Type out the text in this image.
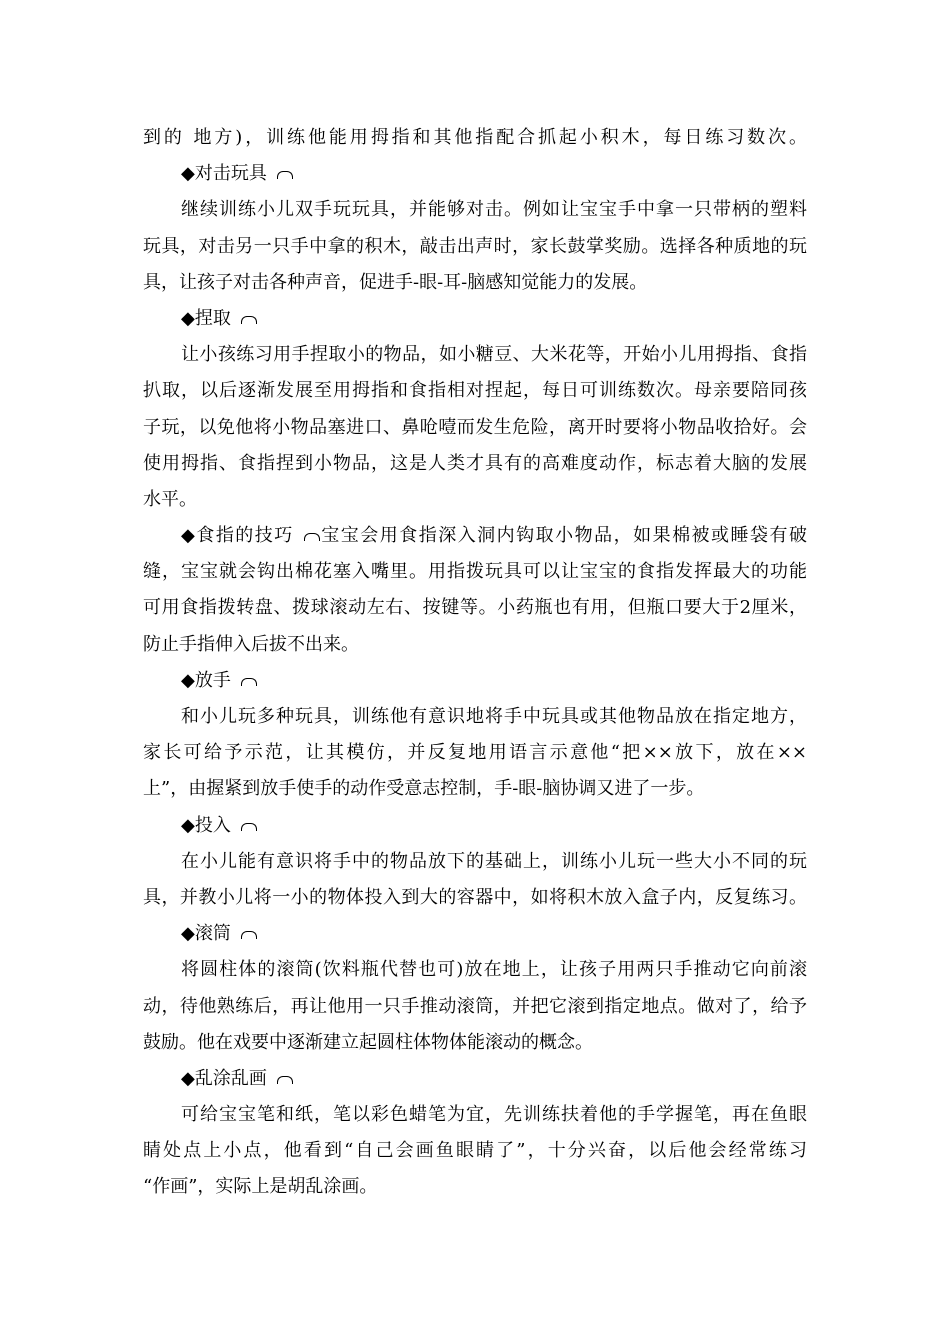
到的 地方)，训练他能用拇指和其他指配合抓起小积木，每日练习数次。

◆对击玩具

继续训练小儿双手玩玩具，并能够对击。例如让宝宝手中拿一只带柄的塑料

玩具，对击另一只手中拿的积木，敲击出声时，家长鼓掌奖励。选择各种质地的玩

具，让孩子对击各种声音，促进手-眼-耳-脑感知觉能力的发展。

◆捏取

让小孩练习用手捏取小的物品，如小糖豆、大米花等，开始小儿用拇指、食指

扒取，以后逐渐发展至用拇指和食指相对捏起，每日可训练数次。母亲要陪同孩

子玩，以免他将小物品塞进口、鼻呛噎而发生危险，离开时要将小物品收拾好。会

使用拇指、食指捏到小物品，这是人类才具有的高难度动作，标志着大脑的发展

水平。

◆食指的技巧 宝宝会用食指深入洞内钩取小物品，如果棉被或睡袋有破

缝，宝宝就会钩出棉花塞入嘴里。用指拨玩具可以让宝宝的食指发挥最大的功能

可用食指拨转盘、拨球滚动左右、按键等。小药瓶也有用，但瓶口要大于2厘米，

防止手指伸入后拔不出来。

◆放手

和小儿玩多种玩具，训练他有意识地将手中玩具或其他物品放在指定地方，

家长可给予示范，让其模仿，并反复地用语言示意他“把××放下，放在××

上”，由握紧到放手使手的动作受意志控制，手-眼-脑协调又进了一步。

◆投入

在小儿能有意识将手中的物品放下的基础上，训练小儿玩一些大小不同的玩

具，并教小儿将一小的物体投入到大的容器中，如将积木放入盒子内，反复练习。

◆滚筒

将圆柱体的滚筒(饮料瓶代替也可)放在地上，让孩子用两只手推动它向前滚

动，待他熟练后，再让他用一只手推动滚筒，并把它滚到指定地点。做对了，给予

鼓励。他在戏要中逐渐建立起圆柱体物体能滚动的概念。

◆乱涂乱画

可给宝宝笔和纸，笔以彩色蜡笔为宜，先训练扶着他的手学握笔，再在鱼眼

睛处点上小点，他看到“自己会画鱼眼睛了”，十分兴奋，以后他会经常练习

“作画”，实际上是胡乱涂画。
